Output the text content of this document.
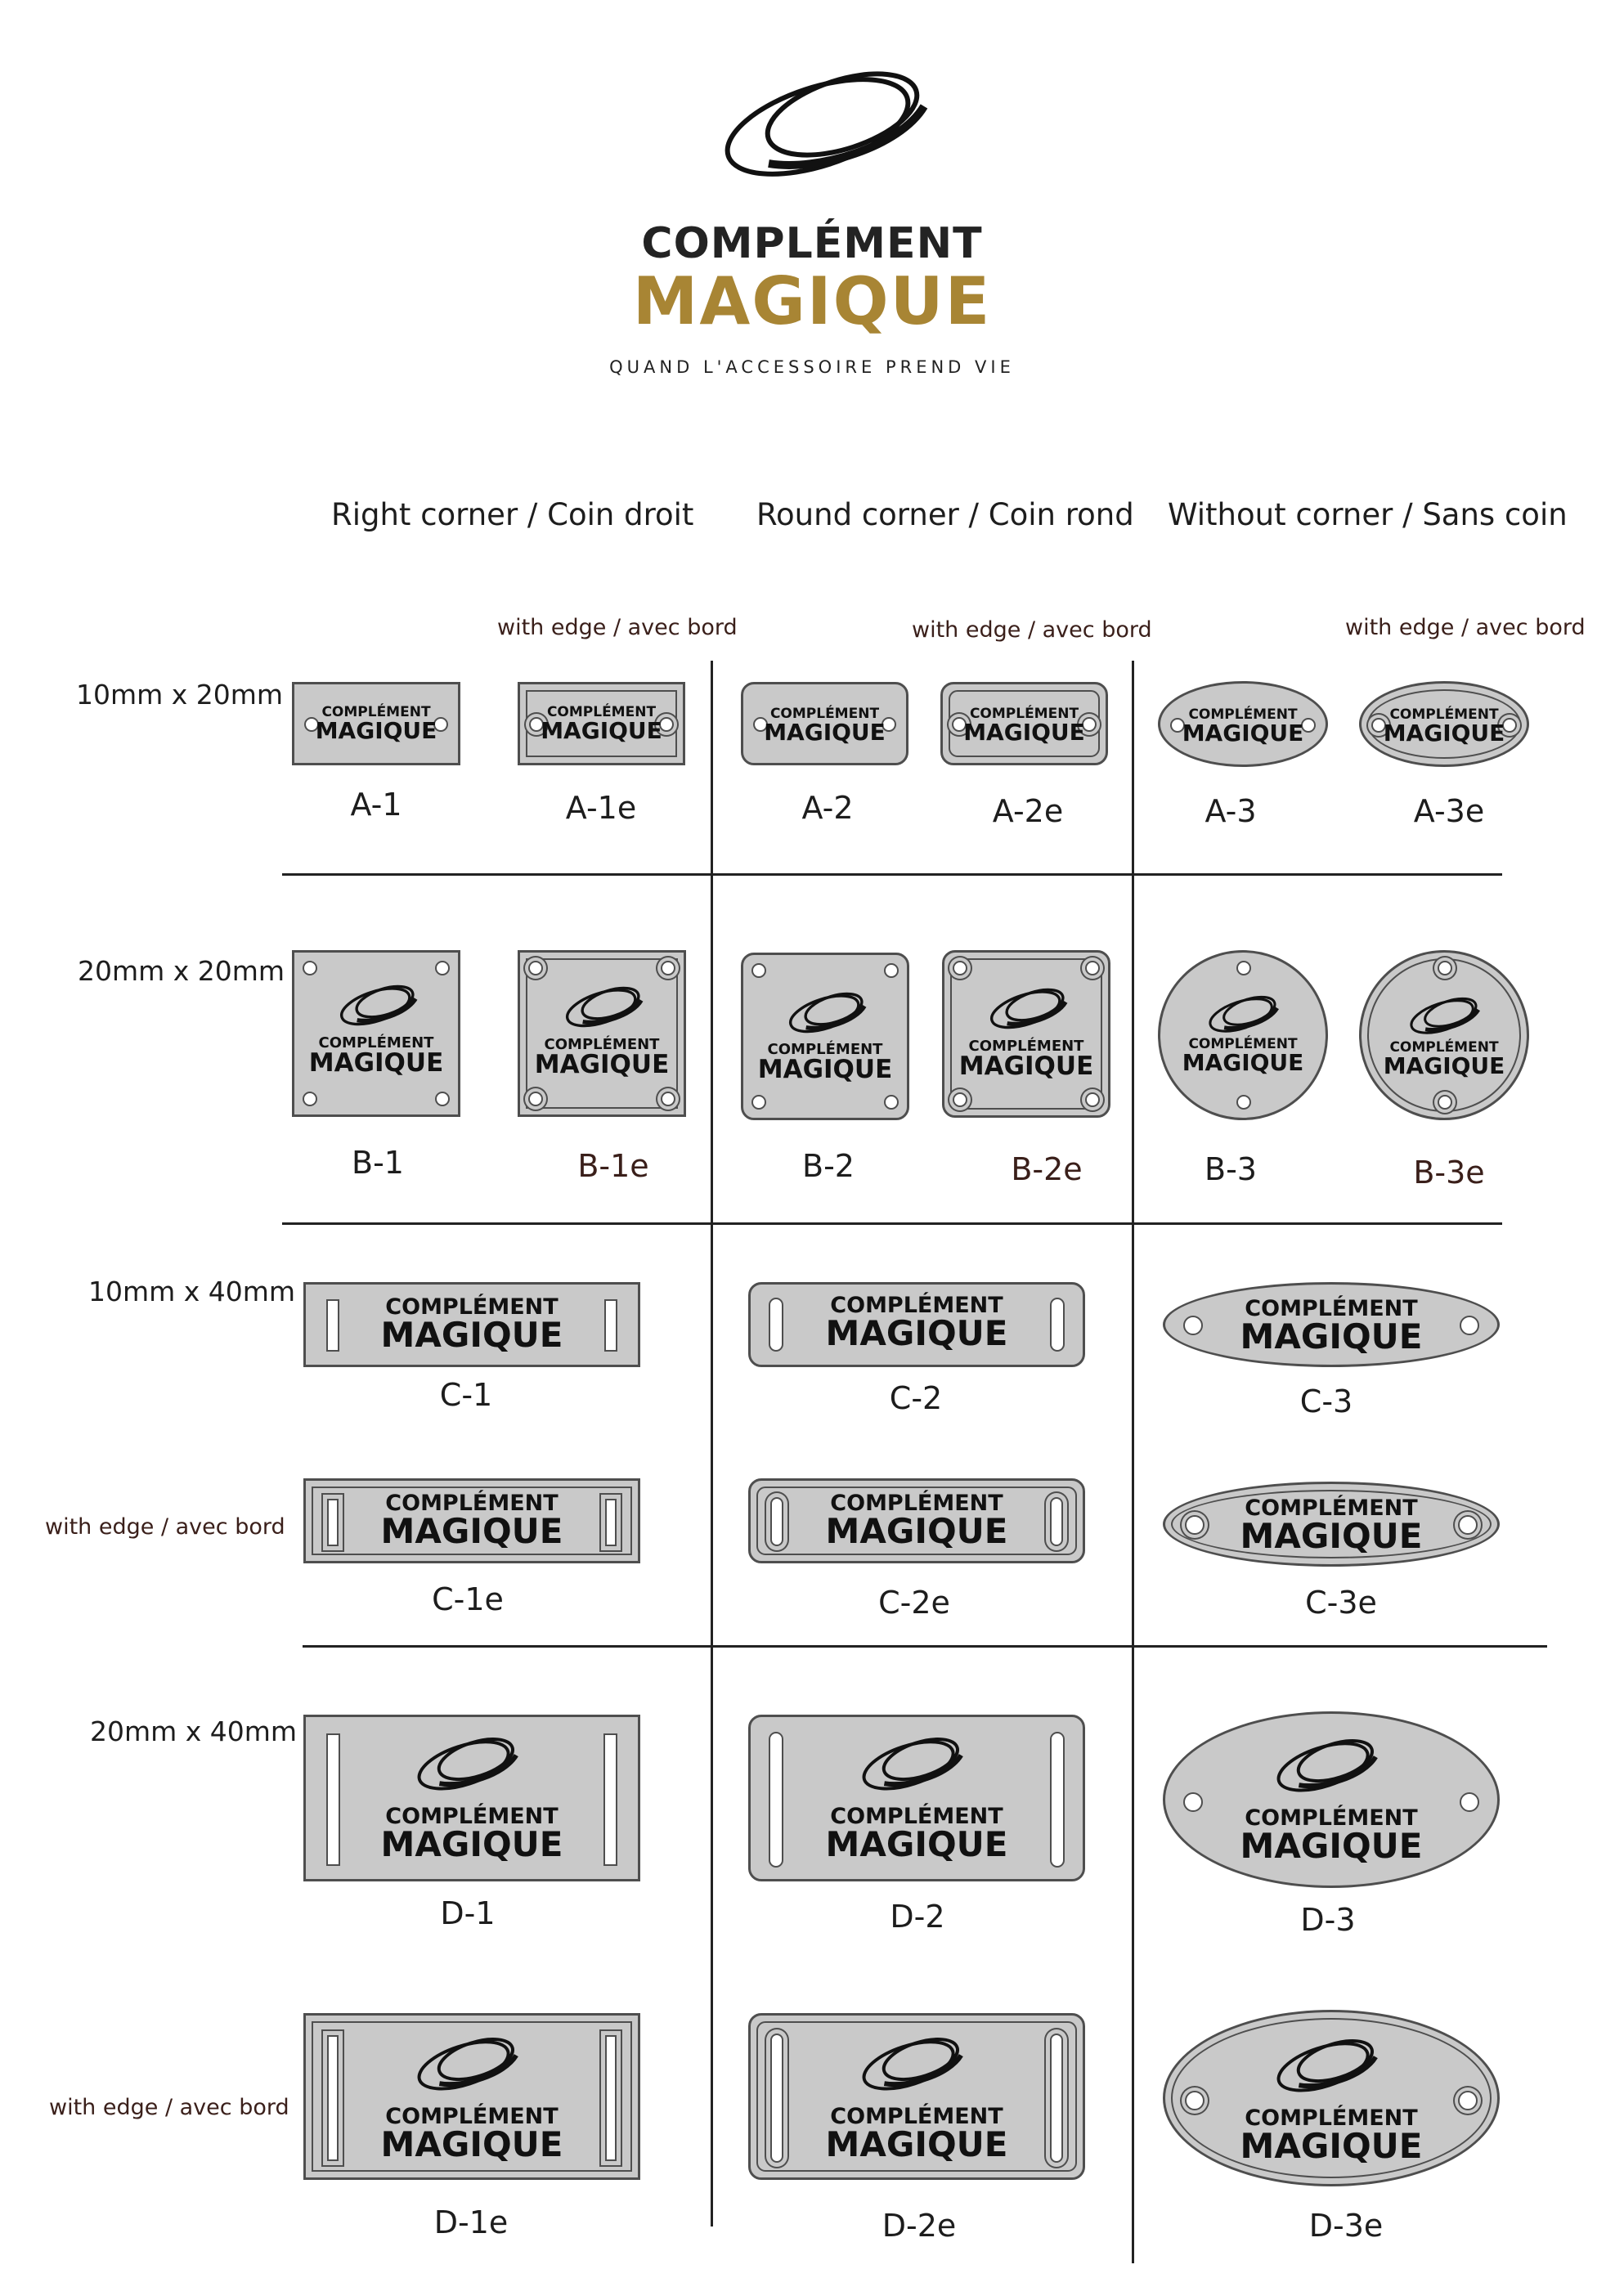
COMPLÉMENT
MAGIQUE
QUAND L'ACCESSOIRE PREND VIE
Right corner / Coin droit Round corner / Coin rond Without corner / Sans coin
with edge / avec bord	with edge / avec bord	with edge / avec bord
10mm x 20mm
20mm x 20mm
10mm x 40mm
with edge / avec bord
20mm x 40mm
with edge / avec bord
COMPLÉMENT
MAGIQUE
A-1
COMPLÉMENT
MAGIQUE
A-1e
COMPLÉMENT
MAGIQUE
A-2
COMPLÉMENT
MAGIQUE
A-2e
COMPLÉMENT
MAGIQUE
A-3
COMPLÉMENT
MAGIQUE
A-3e
COMPLÉMENT
MAGIQUE
B-1
COMPLÉMENT
MAGIQUE
B-1e
COMPLÉMENT
MAGIQUE
B-2
COMPLÉMENT
MAGIQUE
B-2e
COMPLÉMENT
MAGIQUE
B-3
COMPLÉMENT
MAGIQUE
B-3e
COMPLÉMENT
MAGIQUE
C-1
COMPLÉMENT
MAGIQUE
C-2
COMPLÉMENT
MAGIQUE
C-3
COMPLÉMENT
MAGIQUE
C-1e
COMPLÉMENT
MAGIQUE
C-2e
COMPLÉMENT
MAGIQUE
C-3e
COMPLÉMENT
MAGIQUE
D-1
COMPLÉMENT
MAGIQUE
D-2
COMPLÉMENT
MAGIQUE
D-3
COMPLÉMENT
MAGIQUE
D-1e
COMPLÉMENT
MAGIQUE
D-2e
COMPLÉMENT
MAGIQUE
D-3e
